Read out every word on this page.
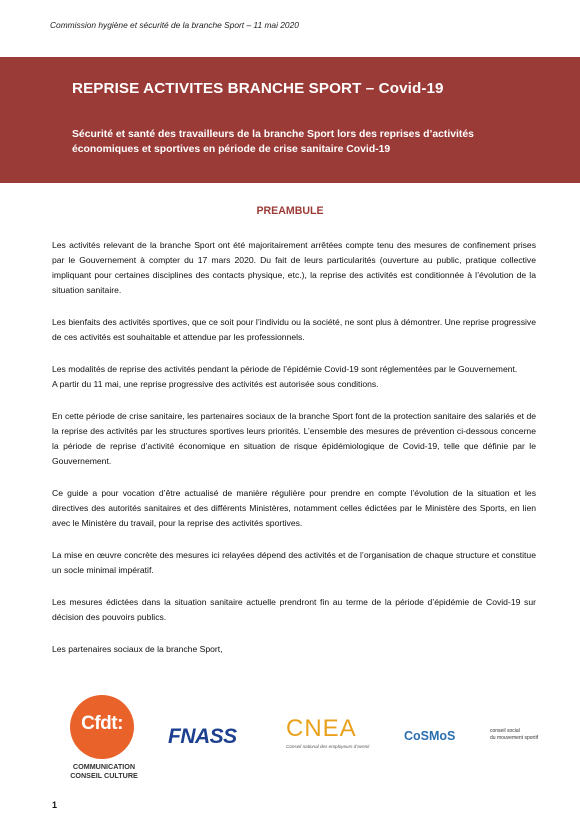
Commission hygiène et sécurité de la branche Sport – 11 mai 2020
REPRISE ACTIVITES BRANCHE SPORT – Covid-19
Sécurité et santé des travailleurs de la branche Sport lors des reprises d’activités économiques et sportives en période de crise sanitaire Covid-19
PREAMBULE

Les activités relevant de la branche Sport ont été majoritairement arrêtées compte tenu des mesures de confinement prises par le Gouvernement à compter du 17 mars 2020. Du fait de leurs particularités (ouverture au public, pratique collective impliquant pour certaines disciplines des contacts physique, etc.), la reprise des activités est conditionnée à l’évolution de la situation sanitaire.

Les bienfaits des activités sportives, que ce soit pour l’individu ou la société, ne sont plus à démontrer. Une reprise progressive de ces activités est souhaitable et attendue par les professionnels.

Les modalités de reprise des activités pendant la période de l’épidémie Covid-19 sont réglementées par le Gouvernement.

A partir du 11 mai, une reprise progressive des activités est autorisée sous conditions.

En cette période de crise sanitaire, les partenaires sociaux de la branche Sport font de la protection sanitaire des salariés et de la reprise des activités par les structures sportives leurs priorités. L’ensemble des mesures de prévention ci-dessous concerne la période de reprise d’activité économique en situation de risque épidémiologique de Covid-19, telle que définie par le Gouvernement.

Ce guide a pour vocation d’être actualisé de manière régulière pour prendre en compte l’évolution de la situation et les directives des autorités sanitaires et des différents Ministères, notamment celles édictées par le Ministère des Sports, en lien avec le Ministère du travail, pour la reprise des activités sportives.

La mise en œuvre concrète des mesures ici relayées dépend des activités et de l’organisation de chaque structure et constitue un socle minimal impératif.

Les mesures édictées dans la situation sanitaire actuelle prendront fin au terme de la période d’épidémie de Covid-19 sur décision des pouvoirs publics.

Les partenaires sociaux de la branche Sport,

Cfdt:
COMMUNICATION
CONSEIL CULTURE
FNASS CNEA
Conseil national des employeurs d’avenir
CoSMoS	conseil social
du mouvement sportif
1
